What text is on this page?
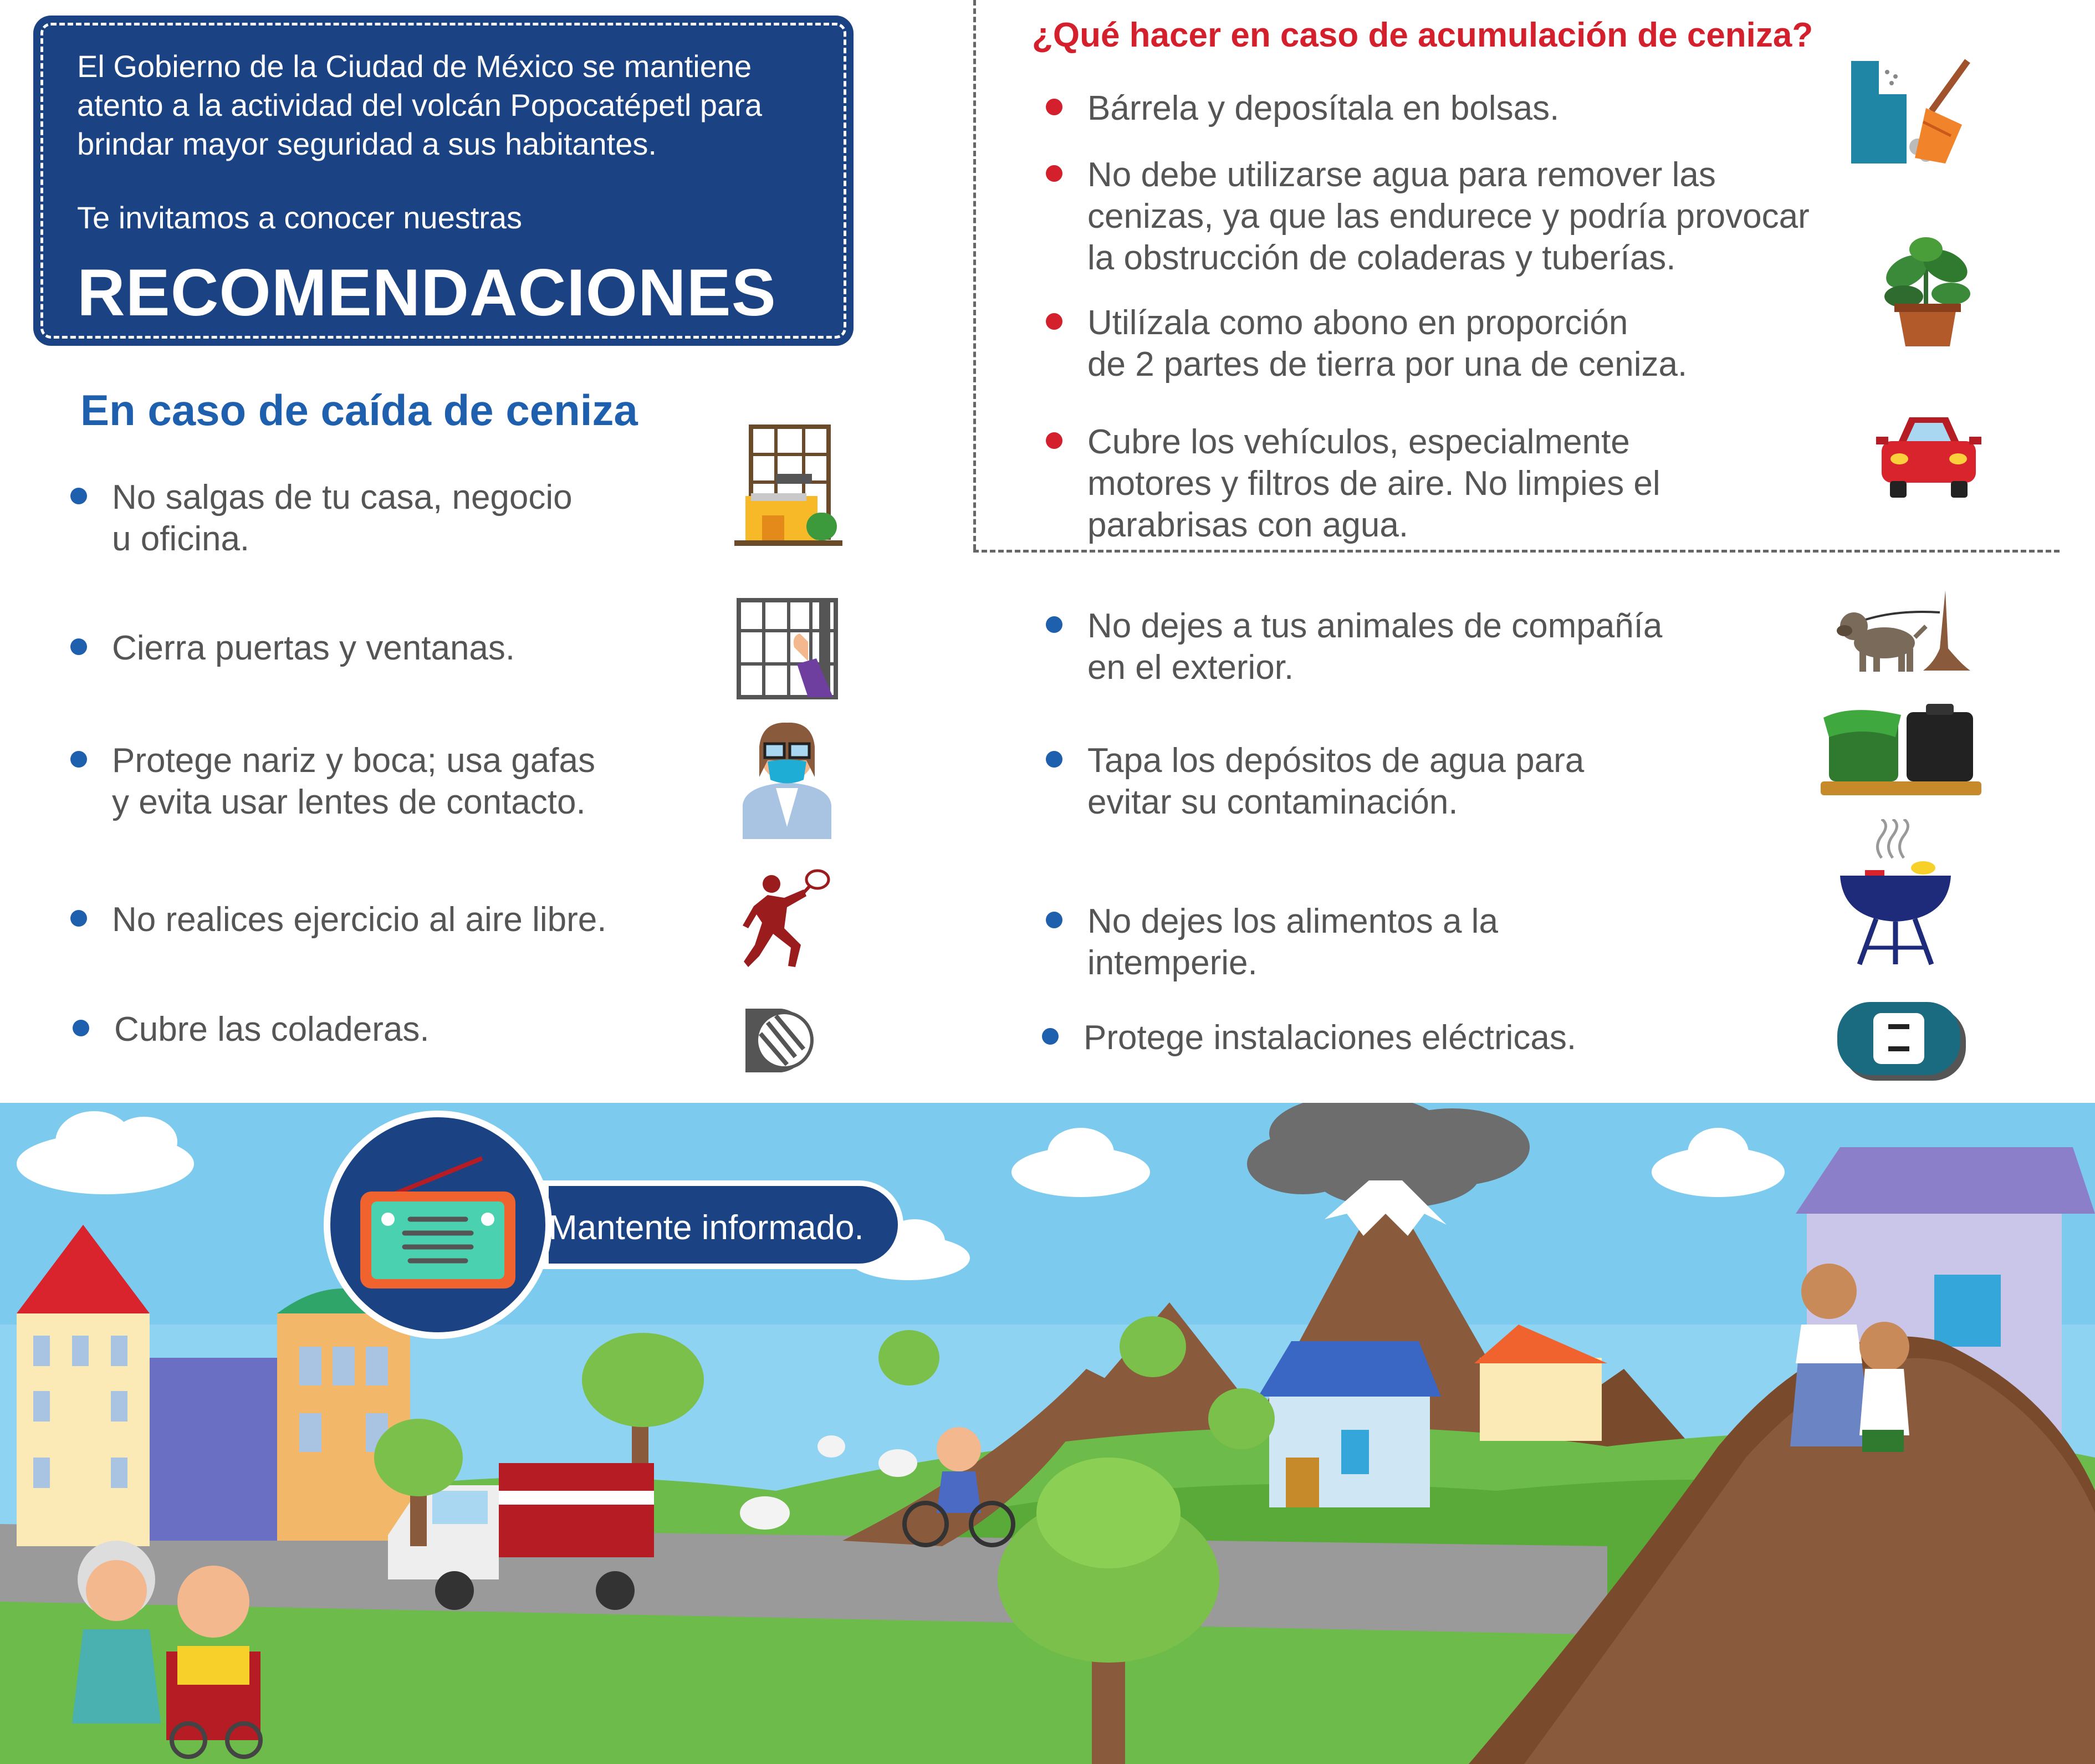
El Gobierno de la Ciudad de México se mantiene atento a la actividad del volcán Popocatépetl para brindar mayor seguridad a sus habitantes.

Te invitamos a conocer nuestras

RECOMENDACIONES
En caso de caída de ceniza
No salgas de tu casa, negocio
u oficina.
Cierra puertas y ventanas.
Protege nariz y boca; usa gafas
y evita usar lentes de contacto.
No realices ejercicio al aire libre.
Cubre las coladeras.
¿Qué hacer en caso de acumulación de ceniza?
Bárrela y deposítala en bolsas.
No debe utilizarse agua para remover las
cenizas, ya que las endurece y podría provocar
la obstrucción de coladeras y tuberías.
Utilízala como abono en proporción
de 2 partes de tierra por una de ceniza.
Cubre los vehículos, especialmente
motores y filtros de aire. No limpies el
parabrisas con agua.
No dejes a tus animales de compañía
en el exterior.
Tapa los depósitos de agua para
evitar su contaminación.
No dejes los alimentos a la
intemperie.
Protege instalaciones eléctricas.
Mantente informado.
